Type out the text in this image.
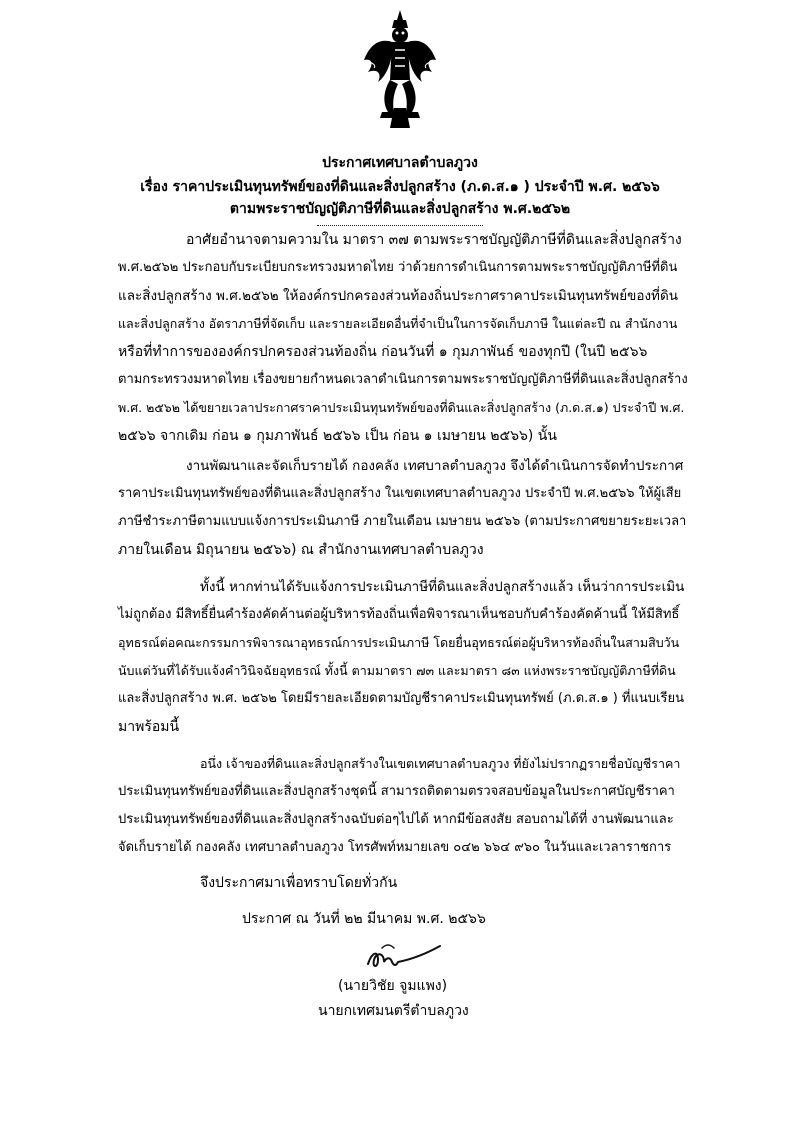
ประกาศเทศบาลตำบลภูวง
เรื่อง ราคาประเมินทุนทรัพย์ของที่ดินและสิ่งปลูกสร้าง (ภ.ด.ส.๑ ) ประจำปี พ.ศ. ๒๕๖๖
ตามพระราชบัญญัติภาษีที่ดินและสิ่งปลูกสร้าง พ.ศ.๒๕๖๒
อาศัยอำนาจตามความใน มาตรา ๓๗ ตามพระราชบัญญัติภาษีที่ดินและสิ่งปลูกสร้าง
พ.ศ.๒๕๖๒ ประกอบกับระเบียบกระทรวงมหาดไทย ว่าด้วยการดำเนินการตามพระราชบัญญัติภาษีที่ดิน
และสิ่งปลูกสร้าง พ.ศ.๒๕๖๒ ให้องค์กรปกครองส่วนท้องถิ่นประกาศราคาประเมินทุนทรัพย์ของที่ดิน
และสิ่งปลูกสร้าง อัตราภาษีที่จัดเก็บ และรายละเอียดอื่นที่จำเป็นในการจัดเก็บภาษี ในแต่ละปี ณ สำนักงาน
หรือที่ทำการขององค์กรปกครองส่วนท้องถิ่น ก่อนวันที่ ๑ กุมภาพันธ์ ของทุกปี (ในปี ๒๕๖๖
ตามกระทรวงมหาดไทย เรื่องขยายกำหนดเวลาดำเนินการตามพระราชบัญญัติภาษีที่ดินและสิ่งปลูกสร้าง
พ.ศ. ๒๕๖๒ ได้ขยายเวลาประกาศราคาประเมินทุนทรัพย์ของที่ดินและสิ่งปลูกสร้าง (ภ.ด.ส.๑) ประจำปี พ.ศ.
๒๕๖๖ จากเดิม ก่อน ๑ กุมภาพันธ์ ๒๕๖๖ เป็น ก่อน ๑ เมษายน ๒๕๖๖) นั้น
งานพัฒนาและจัดเก็บรายได้ กองคลัง เทศบาลตำบลภูวง จึงได้ดำเนินการจัดทำประกาศ
ราคาประเมินทุนทรัพย์ของที่ดินและสิ่งปลูกสร้าง ในเขตเทศบาลตำบลภูวง ประจำปี พ.ศ.๒๕๖๖ ให้ผู้เสีย
ภาษีชำระภาษีตามแบบแจ้งการประเมินภาษี ภายในเดือน เมษายน ๒๕๖๖ (ตามประกาศขยายระยะเวลา
ภายในเดือน มิถุนายน ๒๕๖๖) ณ สำนักงานเทศบาลตำบลภูวง
ทั้งนี้ หากท่านได้รับแจ้งการประเมินภาษีที่ดินและสิ่งปลูกสร้างแล้ว เห็นว่าการประเมิน
ไม่ถูกต้อง มีสิทธิ์ยื่นคำร้องคัดค้านต่อผู้บริหารท้องถิ่นเพื่อพิจารณาเห็นชอบกับคำร้องคัดค้านนี้ ให้มีสิทธิ์
อุทธรณ์ต่อคณะกรรมการพิจารณาอุทธรณ์การประเมินภาษี โดยยื่นอุทธรณ์ต่อผู้บริหารท้องถิ่นในสามสิบวัน
นับแต่วันที่ได้รับแจ้งคำวินิจฉัยอุทธรณ์ ทั้งนี้ ตามมาตรา ๗๓ และมาตรา ๘๓ แห่งพระราชบัญญัติภาษีที่ดิน
และสิ่งปลูกสร้าง พ.ศ. ๒๕๖๒ โดยมีรายละเอียดตามบัญชีราคาประเมินทุนทรัพย์ (ภ.ด.ส.๑ ) ที่แนบเรียน
มาพร้อมนี้
อนึ่ง เจ้าของที่ดินและสิ่งปลูกสร้างในเขตเทศบาลตำบลภูวง ที่ยังไม่ปรากฏรายชื่อบัญชีราคา
ประเมินทุนทรัพย์ของที่ดินและสิ่งปลูกสร้างชุดนี้ สามารถติดตามตรวจสอบข้อมูลในประกาศบัญชีราคา
ประเมินทุนทรัพย์ของที่ดินและสิ่งปลูกสร้างฉบับต่อๆไปได้ หากมีข้อสงสัย สอบถามได้ที่ งานพัฒนาและ
จัดเก็บรายได้ กองคลัง เทศบาลตำบลภูวง โทรศัพท์หมายเลข ๐๔๒ ๖๖๔ ๙๖๐ ในวันและเวลาราชการ
จึงประกาศมาเพื่อทราบโดยทั่วกัน
ประกาศ ณ วันที่ ๒๒ มีนาคม พ.ศ. ๒๕๖๖
(นายวิชัย จูมแพง)
นายกเทศมนตรีตำบลภูวง
